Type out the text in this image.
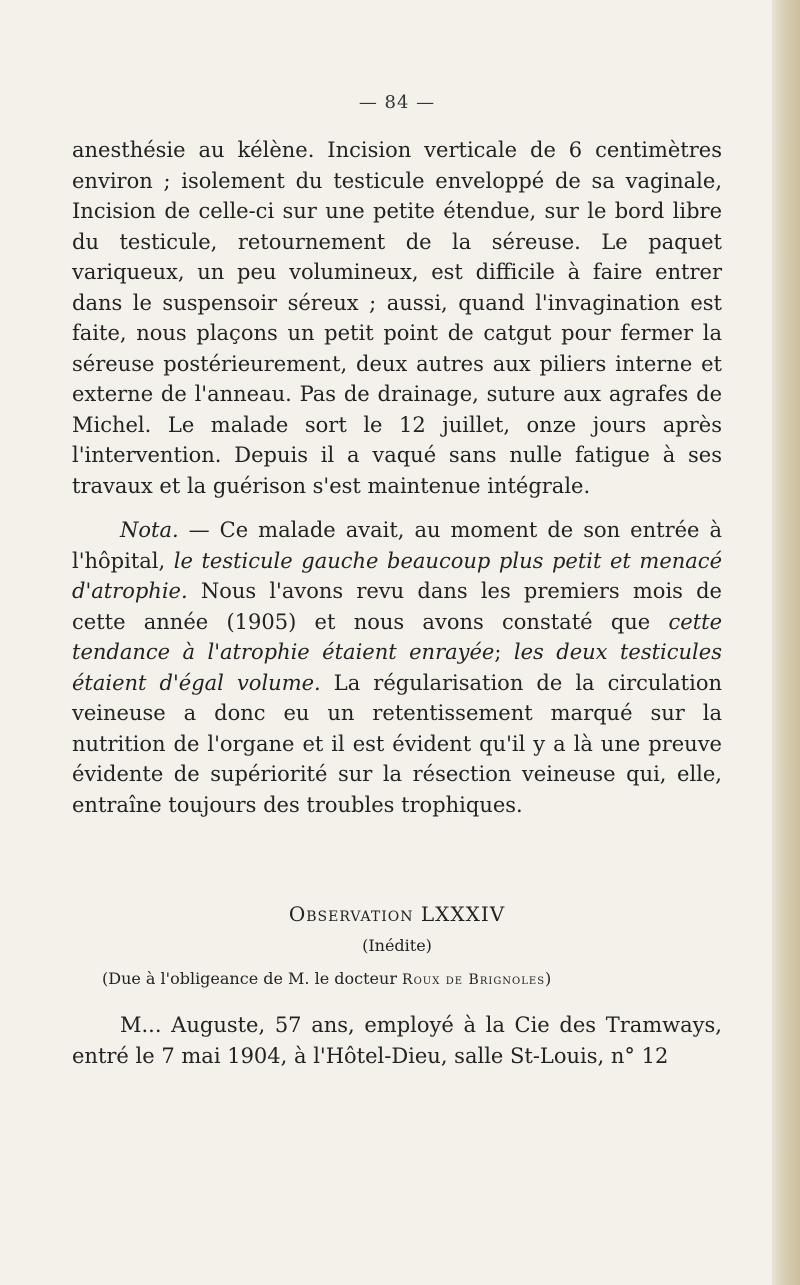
— 84 —

anesthésie au kélène. Incision verticale de 6 centimètres environ ; isolement du testicule enveloppé de sa vaginale, Incision de celle-ci sur une petite étendue, sur le bord libre du testicule, retournement de la séreuse. Le paquet variqueux, un peu volumineux, est difficile à faire entrer dans le suspensoir séreux ; aussi, quand l'invagination est faite, nous plaçons un petit point de catgut pour fermer la séreuse postérieurement, deux autres aux piliers interne et externe de l'anneau. Pas de drainage, suture aux agrafes de Michel. Le malade sort le 12 juillet, onze jours après l'intervention. Depuis il a vaqué sans nulle fatigue à ses travaux et la guérison s'est maintenue intégrale.

Nota. — Ce malade avait, au moment de son entrée à l'hôpital, le testicule gauche beaucoup plus petit et menacé d'atrophie. Nous l'avons revu dans les premiers mois de cette année (1905) et nous avons constaté que cette tendance à l'atrophie étaient enrayée; les deux testicules étaient d'égal volume. La régularisation de la circulation veineuse a donc eu un retentissement marqué sur la nutrition de l'organe et il est évident qu'il y a là une preuve évidente de supériorité sur la résection veineuse qui, elle, entraîne toujours des troubles trophiques.

Observation LXXXIV
(Inédite)
(Due à l'obligeance de M. le docteur Roux de Brignoles)

M... Auguste, 57 ans, employé à la Cie des Tramways, entré le 7 mai 1904, à l'Hôtel-Dieu, salle St-Louis, n° 12
